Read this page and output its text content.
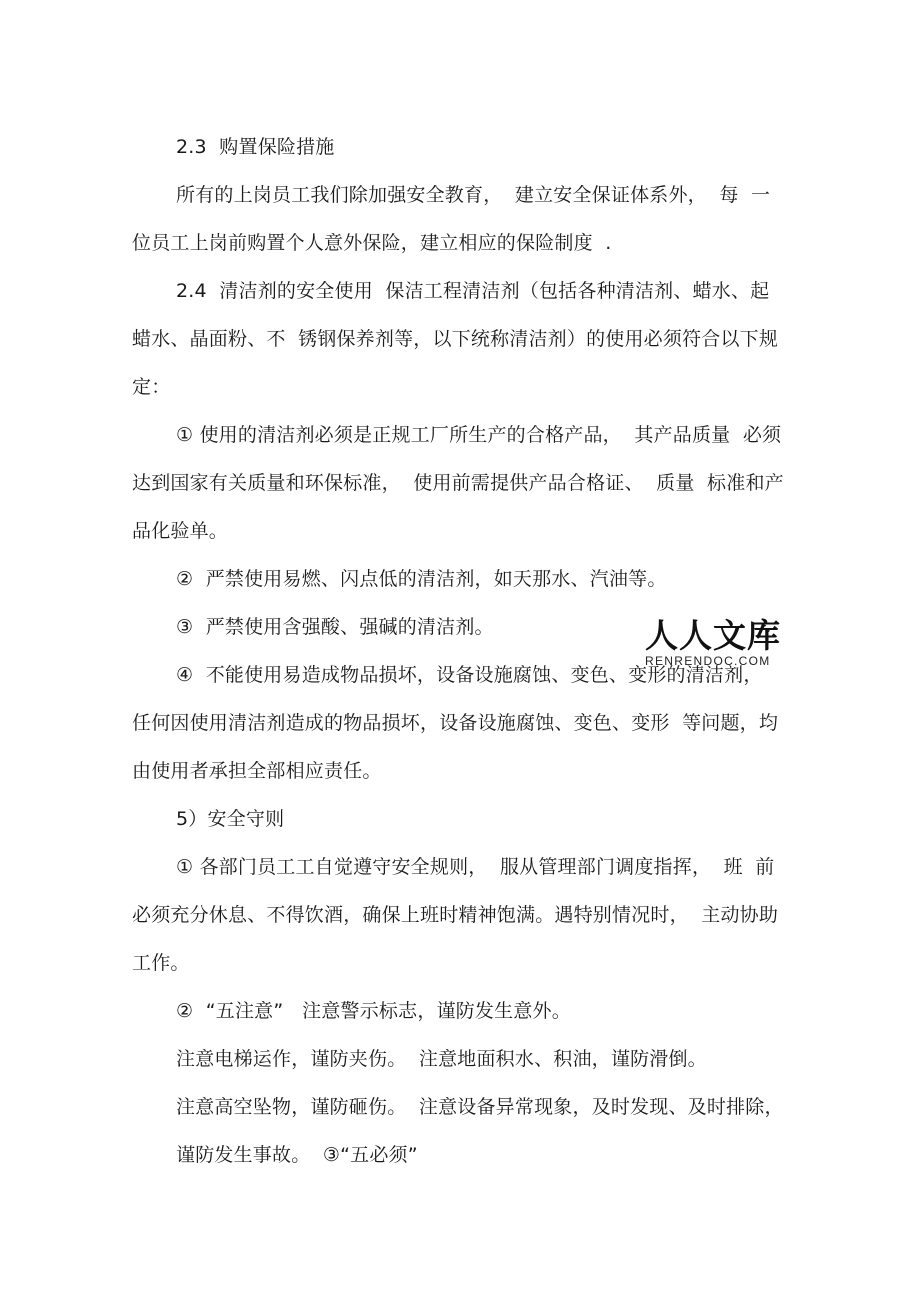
2.3  购置保险措施
所有的上岗员工我们除加强安全教育，  建立安全保证体系外，  每  一
位员工上岗前购置个人意外保险，建立相应的保险制度  .
2.4  清洁剂的安全使用  保洁工程清洁剂（包括各种清洁剂、蜡水、起
蜡水、晶面粉、不  锈钢保养剂等，以下统称清洁剂）的使用必须符合以下规
定：
① 使用的清洁剂必须是正规工厂所生产的合格产品，  其产品质量  必须
达到国家有关质量和环保标准，  使用前需提供产品合格证、  质量  标准和产
品化验单。
②  严禁使用易燃、闪点低的清洁剂，如天那水、汽油等。
③  严禁使用含强酸、强碱的清洁剂。
④  不能使用易造成物品损坏，设备设施腐蚀、变色、变形的清洁剂，
任何因使用清洁剂造成的物品损坏，设备设施腐蚀、变色、变形  等问题，均
由使用者承担全部相应责任。
5）安全守则
① 各部门员工工自觉遵守安全规则，  服从管理部门调度指挥，  班  前
必须充分休息、不得饮酒，确保上班时精神饱满。遇特别情况时，  主动协助
工作。
②  “五注意”   注意警示标志，谨防发生意外。
注意电梯运作，谨防夹伤。  注意地面积水、积油，谨防滑倒。
注意高空坠物，谨防砸伤。  注意设备异常现象，及时发现、及时排除，
谨防发生事故。  ③“五必须”
人人文库
RENRENDOC.COM
